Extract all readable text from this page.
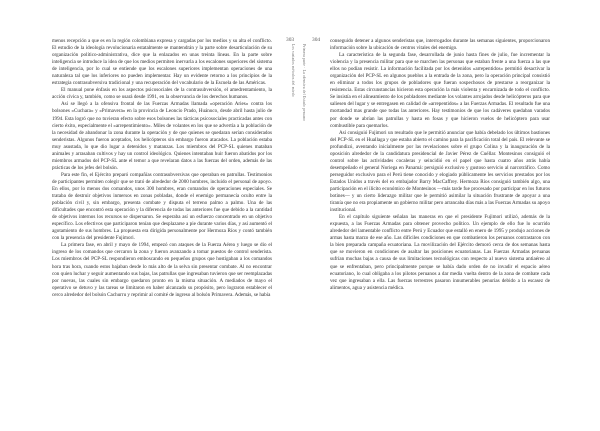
303
Los variados métodos del miedo

menos recepción a que es en la región colombiana expresa y cargadas por los medios y su alta el conflicto. El estudio de la ideología revolucionaria estatalmente se mantendrán y la parte sobre desarticulación de su organización político-administrativa, dice que la enlazados en unas treinta líneas. En la parte sobre inteligencia se introduce la idea de que los medios permiten inervarla a los escalones superiores del sistema de inteligencia, por lo cual se entiende que los escalones superiores implementan operaciones de una naturaleza tal que los inferiores no pueden implementar. Hay un evidente retorno a los principios de la estrategia contrasubversiva tradicional y una recuperación del vocabulario de la Escuela de las Américas.

El manual pone énfasis en los aspectos psicosociales de la contrasubversión, el amedrentamiento, la acción cívica y, también, como se usará desde 1991, en la observancia de los derechos humanos.

Así se llegó a la ofensiva frontal de las Fuerzas Armadas llamada «operación Aries» contra los bolsones «Cuchara» y «Primavera» en la provincia de Leoncio Prado, Huánuco, desde abril hasta julio de 1994. Esta logró que no tuvieran efecto sobre esos bolsones las tácticas psicosociales practicadas antes con cierto éxito, especialmente el «arrepentimiento». Miles de volantes en los que se advertía a la población de la necesidad de abandonar la zona durante la operación y de que quienes se quedaran serían considerados senderistas. Algunos fueron aceptados, los helicópteros sin embargo fueron atacados. La población estaba muy asustada, lo que dio lugar a detenidos y matanzas. Los miembros del PCP-SL quienes mataban animales y arrasaban cultivos y hay un control ideológico. Quienes intentaban huir fueron abatidos por los miembros armados del PCP-SL ante el temor a que revelaran datos a las fuerzas del orden, además de las prácticas de los jefes del bolsón.

Para este fin, el Ejército preparó compañías contrasubversivas que operaban en patrullas. Testimonios de participantes permiten colegir que se trató de alrededor de 2000 hombres, incluido el personal de apoyo. En ellos, por lo menos dos comandos, unos 300 hombres, eran comandos de operaciones especiales. Se trataba de destruir objetivos inmersos en zonas pobladas, donde el enemigo permanecía oculto entre la población civil y, sin embargo, presenta combate y disputa el terreno palmo a palmo. Una de las dificultades que encontró esta operación y la diferencia de todas las anteriores fue que debido a la cantidad de objetivos internos los recursos se dispersaron. Se esperaba así un esfuerzo concentrado en un objetivo específico. Los efectivos que participaron tenían que desplazarse a pie durante varios días, y así aumentó el agotamiento de sus hombres. La propuesta era dirigida personalmente por Hermoza Ríos y contó también con la presencia del presidente Fujimori.

La primera fase, en abril y mayo de 1994, empezó con ataques de la Fuerza Aérea y luego se dio el ingreso de los comandos que cercaron la zona y fueron avanzando a tomar puestos de control senderista. Los miembros del PCP-SL respondieron emboscando en pequeños grupos que hostigaban a los comandos hora tras hora, cuando estos bajaban desde lo más alto de la selva sin presentar combate. Al no encontrar con quien luchar y seguir aumentando sus bajas, las patrullas que ingresaban tuvieron que ser reemplazadas por nuevas, las cuales sin embargo quedaron pronto en la misma situación. A mediados de mayo el operativo se detuvo y las tareas se limitaron en haber alcanzado su propósito, pero lograron establecer el cerco alrededor del bolsón Cachurru y reprimir al comité de ingreso al bolsón Primavera. Además, se había

304
Primera parte · La ofensiva del Estado peruano

conseguido detener a algunos senderistas que, interrogados durante las semanas siguientes, proporcionaron información sobre la ubicación de centros vitales del enemigo.

La característica de la segunda fase, desarrollada de junio hasta fines de julio, fue incrementar la violencia y la presencia militar para que se marchen las personas que estaban frente a una fuerza a las que ellos no podían resistir. La información facilitada por los detenidos «arrepentidos» permitió desactivar la organización del PCP-SL en algunos pueblos a la entrada de la zona, pero la operación principal consistió en eliminar a todos los grupos de pobladores que fueran sospechosos de prestarse a reorganizar la resistencia. Estas circunstancias hicieron esta operación la más violenta y encarnizada de todo el conflicto. Se insistía en el alineamiento de los pobladores mediante los volantes arrojados desde helicópteros para que saliesen del lugar y se entregasen en calidad de «arrepentidos» a las Fuerzas Armadas. El resultado fue una mortandad mas grande que todas las anteriores. Hay testimonios de que los cadáveres quedaban varados por donde se abrían las patrullas y hasta en fosas y que hicieron vuelos de helicóptero para usar combustible para quemarlos.

Así consiguió Fujimori un resultado que le permitió anunciar que había debelado los últimos bastiones del PCP-SL en el Huallaga y que estaba abierto el camino para la pacificación total del país. El relevante se profundizó, aventando inicialmente por las revelaciones sobre el grupo Colina y la inauguración de la oposición alrededor de la candidatura presidencial de Javier Pérez de Cuéllar. Montesinos consiguió el control sobre las actividades cocaleras y seincidió en el papel que hasta cuatro años atrás había desempeñado el general Noriega en Panamá: persiguió exclusivo y gustoso servicio al narcotráfico. Como perseguidor exclusivo para el Perú tiene conocido y elogiado públicamente les servicios prestados por los Estados Unidos a través del ex embajador Barry MacCaffrey. Hermoza Ríos consiguió también algo, una participación en el ilícito económico de Montesinos —más tarde fue procesado por participar en los futuros botines— y un cierto liderazgo militar que le permitió asimilar la situación frustrante de apoyar a una tiranía que no era propiamente un gobierno militar pero arrancaba días más a las Fuerzas Armadas su apoyo institucional.

En el capítulo siguiente señalan las maneras en que el presidente Fujimori utilizó, además de la expuesta, a las Fuerzas Armadas para obtener provecho político. Un ejemplo de ello fue lo ocurrido alrededor del lamentable conflicto entre Perú y Ecuador que estalló en enero de 1995 y produjo acciones de armas hasta marzo de ese año. Las difíciles condiciones en que combatieron los peruanos contrastaron con la bien preparada campaña ecuatoriana. La movilización del Ejército demoró cerca de dos semanas hasta que se movieron en condiciones de asaltar las posiciones ecuatorianas. Las Fuerzas Armadas peruanas sufrían muchas bajas a causa de sus limitaciones tecnológicas con respecto al nuevo sistema antiaéreo al que se enfrentaban, pero principalmente porque se había dado orden de no invadir el espacio aéreo ecuatoriano, lo cual obligaba a los pilotos peruanos a dar media vuelta dentro de la zona de combate cada vez que ingresaban a ella. Las fuerzas terrestres pasaron innumerables penurias debido a la escasez de alimentos, agua y asistencia médica.
